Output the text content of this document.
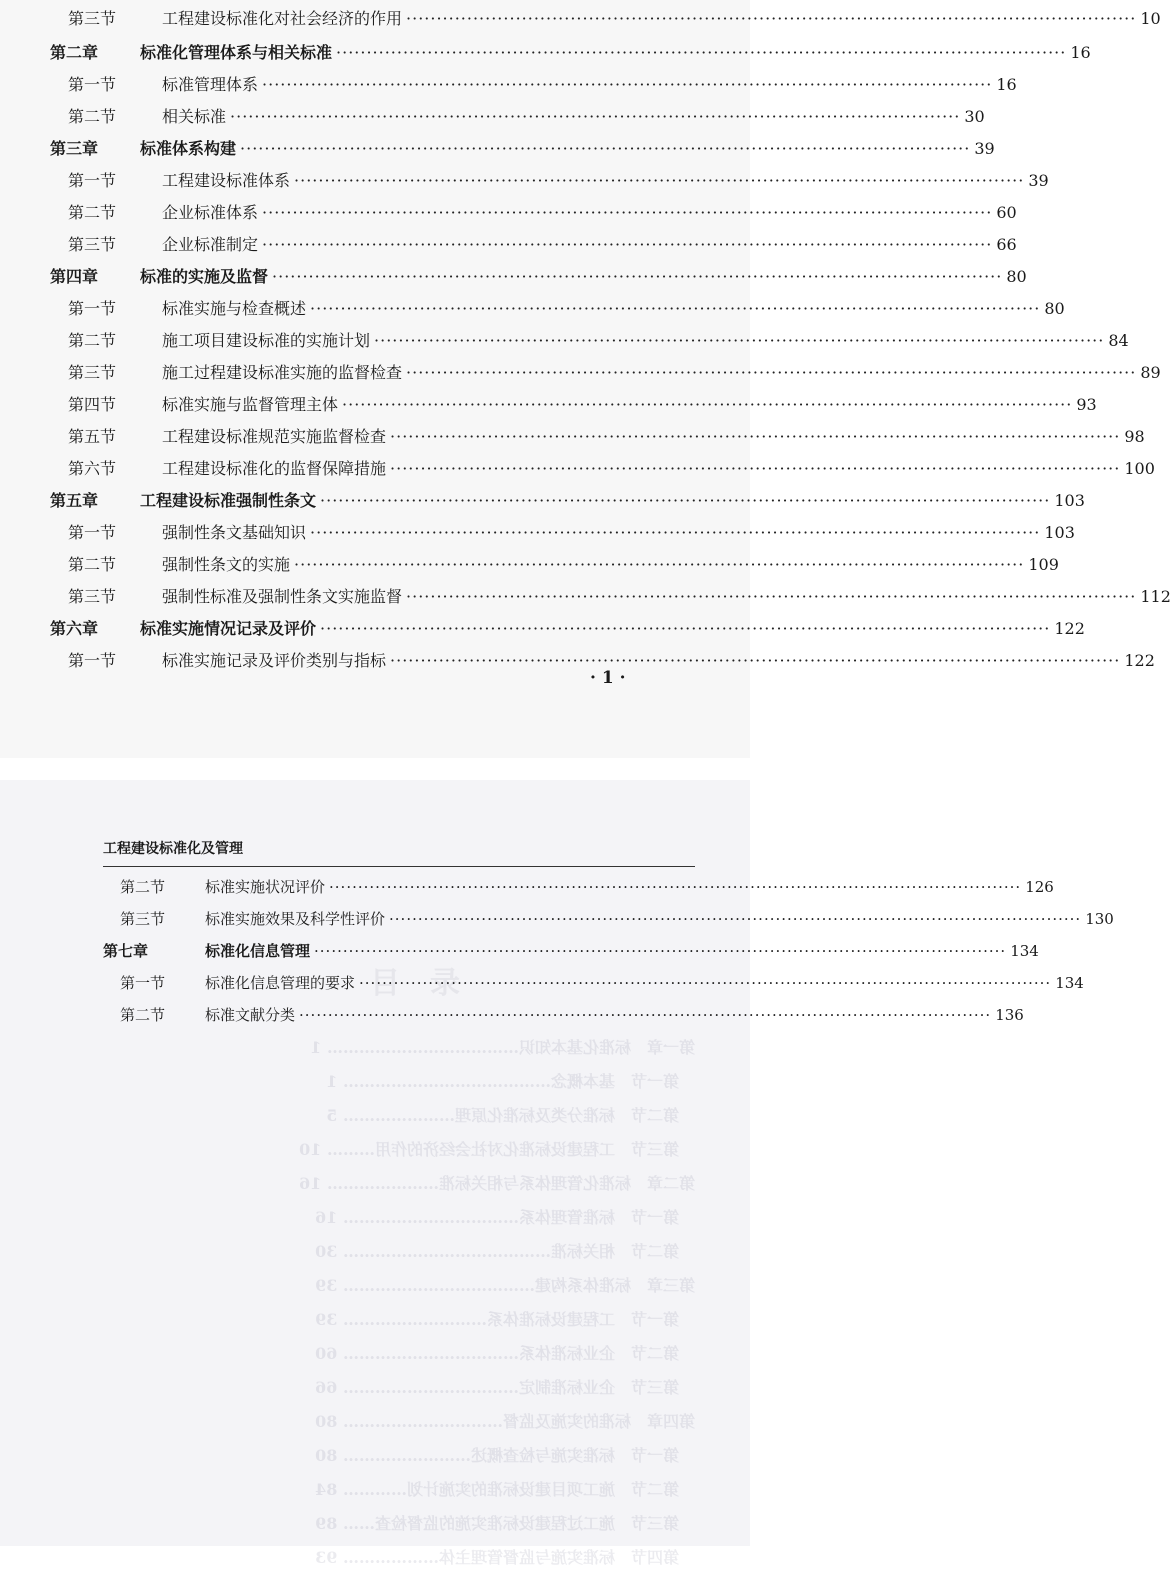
第三节	工程建设标准化对社会经济的作用 ·····	10
第二章	标准化管理体系与相关标准 ·····	16
第一节	标准管理体系 ·····	16
第二节	相关标准 ·····	30
第三章	标准体系构建 ·····	39
第一节	工程建设标准体系 ·····	39
第二节	企业标准体系 ·····	60
第三节	企业标准制定 ·····	66
第四章	标准的实施及监督 ·····	80
第一节	标准实施与检查概述 ·····	80
第二节	施工项目建设标准的实施计划 ·····	84
第三节	施工过程建设标准实施的监督检查 ·····	89
第四节	标准实施与监督管理主体 ·····	93
第五节	工程建设标准规范实施监督检查 ·····	98
第六节	工程建设标准化的监督保障措施 ·····	100
第五章	工程建设标准强制性条文 ·····	103
第一节	强制性条文基础知识 ·····	103
第二节	强制性条文的实施 ·····	109
第三节	强制性标准及强制性条文实施监督 ·····	112
第六章	标准实施情况记录及评价 ·····	122
第一节	标准实施记录及评价类别与指标 ·····	122
· 1 ·
目　录
第一章　标准化基本知识……………………………… 1
　第一节　基本概念………………………………… 1
　第二节　标准分类及标准化原理………………… 5
　第三节　工程建设标准化对社会经济的作用……… 10
第二章　标准化管理体系与相关标准………………… 16
　第一节　标准管理体系…………………………… 16
　第二节　相关标准………………………………… 30
第三章　标准体系构建……………………………… 39
　第一节　工程建设标准体系……………………… 39
　第二节　企业标准体系…………………………… 60
　第三节　企业标准制定…………………………… 66
第四章　标准的实施及监督………………………… 80
　第一节　标准实施与检查概述…………………… 80
　第二节　施工项目建设标准的实施计划………… 84
　第三节　施工过程建设标准实施的监督检查…… 89
　第四节　标准实施与监督管理主体……………… 93
工程建设标准化及管理
第二节	标准实施状况评价 ·····	126
第三节	标准实施效果及科学性评价 ·····	130
第七章	标准化信息管理 ·····	134
第一节	标准化信息管理的要求 ·····	134
第二节	标准文献分类 ·····	136
